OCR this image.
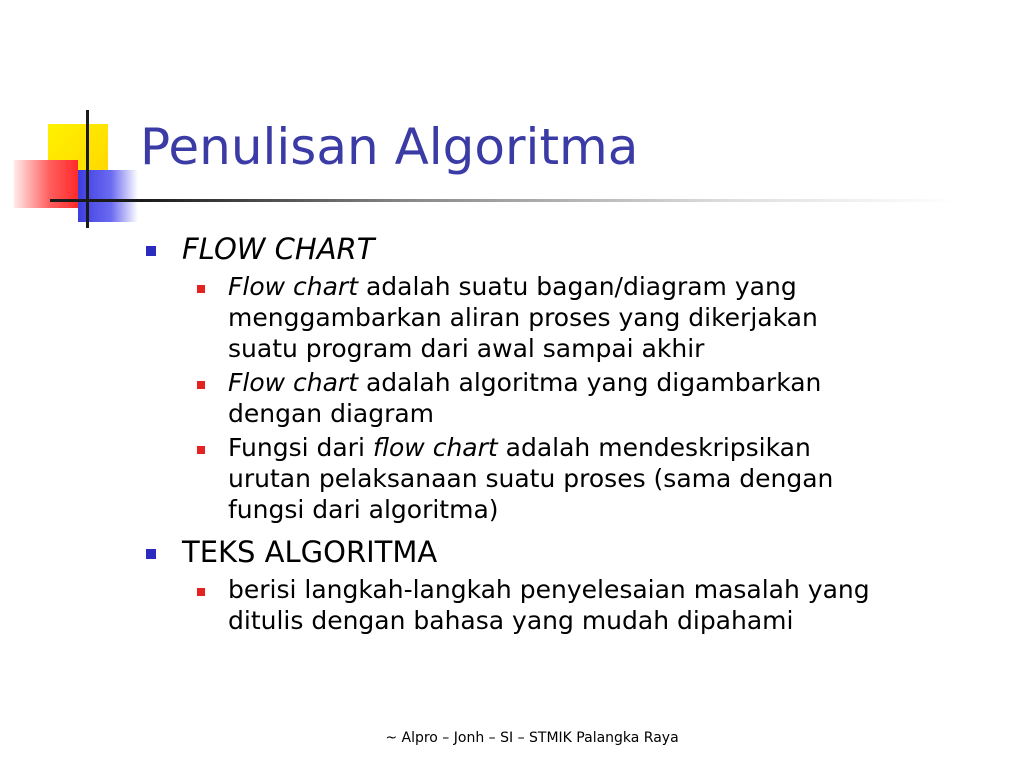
Penulisan Algoritma
FLOW CHART
Flow chart adalah suatu bagan/diagram yang
menggambarkan aliran proses yang dikerjakan
suatu program dari awal sampai akhir
Flow chart adalah algoritma yang digambarkan
dengan diagram
Fungsi dari flow chart adalah mendeskripsikan
urutan pelaksanaan suatu proses (sama dengan
fungsi dari algoritma)
TEKS ALGORITMA
berisi langkah-langkah penyelesaian masalah yang
ditulis dengan bahasa yang mudah dipahami
~ Alpro – Jonh – SI – STMIK Palangka Raya
